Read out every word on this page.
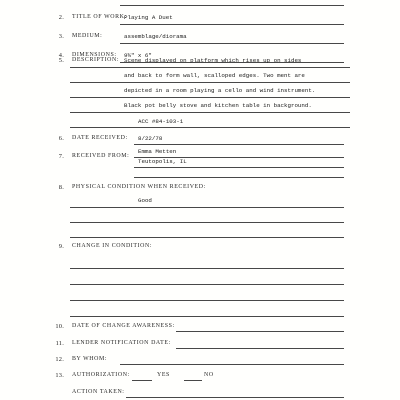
2. TITLE OF WORK:
Playing A Duet
3. MEDIUM:	assemblage/diorama
4. DIMENSIONS: 9¾" x 6"
5. DESCRIPTION: Scene displayed on platform which rises up on sides
and back to form wall, scalloped edges. Two ment are
depicted in a room playing a cello and wind instrument.
Black pot belly stove and kitchen table in background.
ACC #84-103-1
6. DATE RECEIVED: 8/22/78
7. RECEIVED FROM:
Emma Metten
Teutopolis, IL
8. PHYSICAL CONDITION WHEN RECEIVED:
Good
9. CHANGE IN CONDITION:
10. DATE OF CHANGE AWARENESS:
11. LENDER NOTIFICATION DATE:
12. BY WHOM:
13. AUTHORIZATION:	YES	NO
ACTION TAKEN:
